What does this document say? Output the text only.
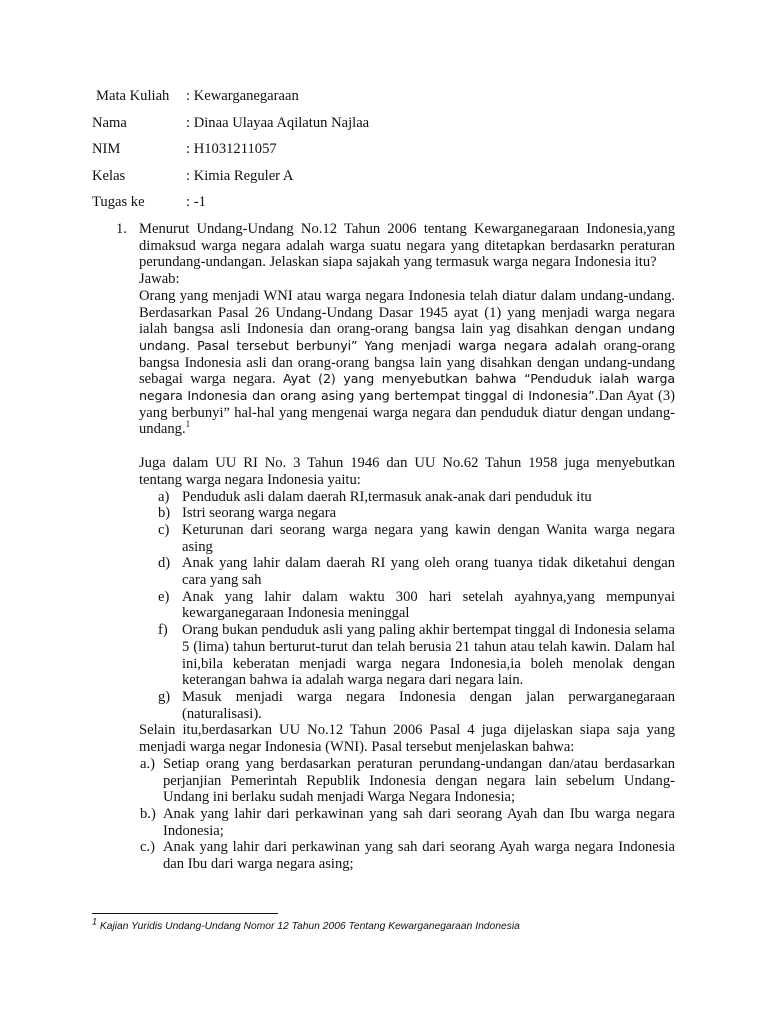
Mata Kuliah	: Kewarganegaraan
Nama	: Dinaa Ulayaa Aqilatun Najlaa
NIM	: H1031211057
Kelas	: Kimia Reguler A
Tugas ke	: -1
1. Menurut Undang-Undang No.12 Tahun 2006 tentang Kewarganegaraan Indonesia,yang dimaksud warga negara adalah warga suatu negara yang ditetapkan berdasarkn peraturan perundang-undangan. Jelaskan siapa sajakah yang termasuk warga negara Indonesia itu?

Jawab:

Orang yang menjadi WNI atau warga negara Indonesia telah diatur dalam undang-undang. Berdasarkan Pasal 26 Undang-Undang Dasar 1945 ayat (1) yang menjadi warga negara ialah bangsa asli Indonesia dan orang-orang bangsa lain yag disahkan dengan undang undang. Pasal tersebut berbunyi” Yang menjadi warga negara adalah orang-orang bangsa Indonesia asli dan orang-orang bangsa lain yang disahkan dengan undang-undang sebagai warga negara. Ayat (2) yang menyebutkan bahwa “Penduduk ialah warga negara Indonesia dan orang asing yang bertempat tinggal di Indonesia”.Dan Ayat (3) yang berbunyi” hal-hal yang mengenai warga negara dan penduduk diatur dengan undang-undang.$^1$

Juga dalam UU RI No. 3 Tahun 1946 dan UU No.62 Tahun 1958 juga menyebutkan tentang warga negara Indonesia yaitu:

a) Penduduk asli dalam daerah RI,termasuk anak-anak dari penduduk itu
b) Istri seorang warga negara
c) Keturunan dari seorang warga negara yang kawin dengan Wanita warga negara asing
d) Anak yang lahir dalam daerah RI yang oleh orang tuanya tidak diketahui dengan cara yang sah
e) Anak yang lahir dalam waktu 300 hari setelah ayahnya,yang mempunyai kewarganegaraan Indonesia meninggal
f) Orang bukan penduduk asli yang paling akhir bertempat tinggal di Indonesia selama 5 (lima) tahun berturut-turut dan telah berusia 21 tahun atau telah kawin. Dalam hal ini,bila keberatan menjadi warga negara Indonesia,ia boleh menolak dengan keterangan bahwa ia adalah warga negara dari negara lain.
g) Masuk menjadi warga negara Indonesia dengan jalan perwarganegaraan (naturalisasi).

Selain itu,berdasarkan UU No.12 Tahun 2006 Pasal 4 juga dijelaskan siapa saja yang menjadi warga negar Indonesia (WNI). Pasal tersebut menjelaskan bahwa:

a.) Setiap orang yang berdasarkan peraturan perundang-undangan dan/atau berdasarkan perjanjian Pemerintah Republik Indonesia dengan negara lain sebelum Undang-Undang ini berlaku sudah menjadi Warga Negara Indonesia;
b.) Anak yang lahir dari perkawinan yang sah dari seorang Ayah dan Ibu warga negara Indonesia;
c.) Anak yang lahir dari perkawinan yang sah dari seorang Ayah warga negara Indonesia dan Ibu dari warga negara asing;
$^1$ Kajian Yuridis Undang-Undang Nomor 12 Tahun 2006 Tentang Kewarganegaraan Indonesia
